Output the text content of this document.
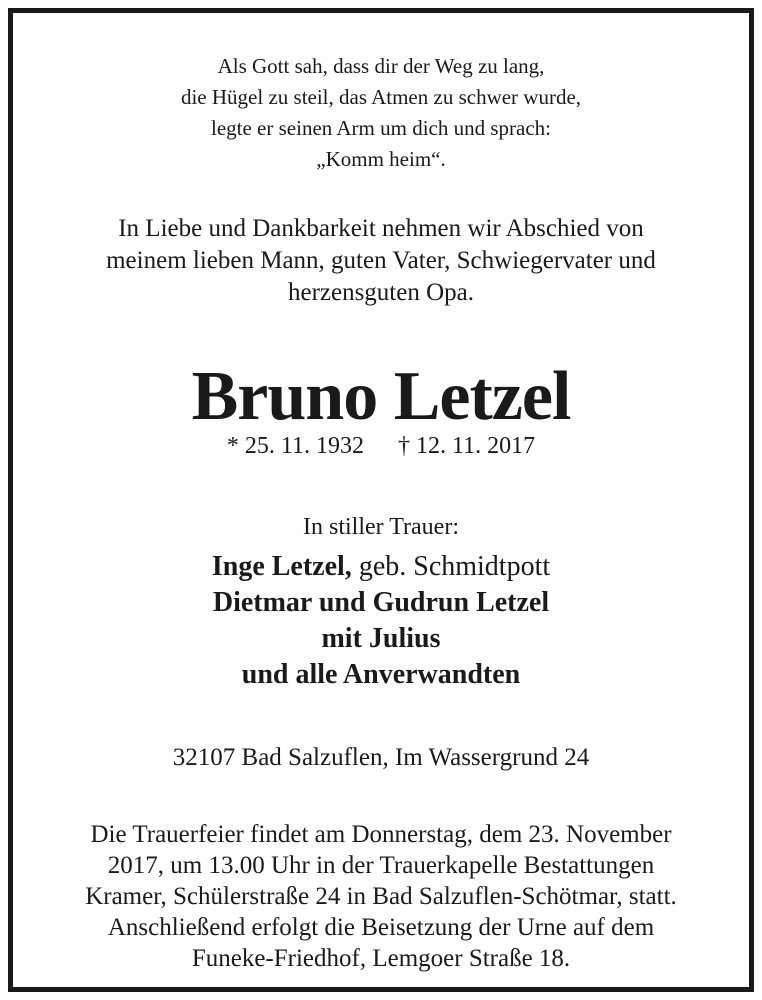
Als Gott sah, dass dir der Weg zu lang,
die Hügel zu steil, das Atmen zu schwer wurde,
legte er seinen Arm um dich und sprach:
„Komm heim“.
In Liebe und Dankbarkeit nehmen wir Abschied von
meinem lieben Mann, guten Vater, Schwiegervater und
herzensguten Opa.
Bruno Letzel
* 25. 11. 1932 † 12. 11. 2017
In stiller Trauer:
Inge Letzel, geb. Schmidtpott
Dietmar und Gudrun Letzel
mit Julius
und alle Anverwandten
32107 Bad Salzuflen, Im Wassergrund 24
Die Trauerfeier findet am Donnerstag, dem 23. November
2017, um 13.00 Uhr in der Trauerkapelle Bestattungen
Kramer, Schülerstraße 24 in Bad Salzuflen-Schötmar, statt.
Anschließend erfolgt die Beisetzung der Urne auf dem
Funeke-Friedhof, Lemgoer Straße 18.
